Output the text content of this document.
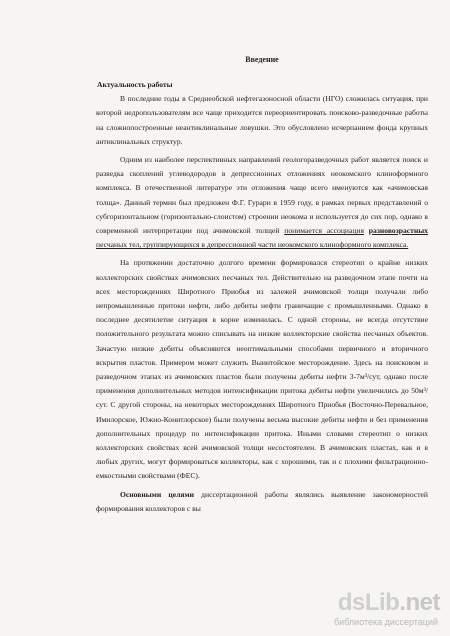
Введение

Актуальность работы

В последние годы в Среднеобской нефтегазоносной области (НГО) сложилась ситуация, при которой недропользователям все чаще приходится переориентировать поисково-разведочные работы на сложнопостроенные неантиклинальные ловушки. Это обусловлено исчерпанием фонда крупных антиклинальных структур.

Одним из наиболее перспективных направлений геологоразведочных работ является поиск и разведка скоплений углеводородов в депрессионных отложениях неокомского клиноформного комплекса. В отечественной литературе эти отложения чаще всего именуются как «ачимовская толща». Данный термин был предложен Ф.Г. Гурари в 1959 году, в рамках первых представлений о субгоризонтальном (горизонтально-слоистом) строении неокома и используется до сих пор, однако в современной интерпретации под ачимовской толщей понимается ассоциация разновозрастных песчаных тел, группирующихся в депрессионной части неокомского клиноформного комплекса.

На протяжении достаточно долгого времени формировался стереотип о крайне низких коллекторских свойствах ачимовских песчаных тел. Действительно на разведочном этапе почти на всех месторождениях Широтного Приобья из залежей ачимовской толщи получали либо непромышленные притоки нефти, либо дебиты нефти граничащие с промышленными. Однако в последнее десятилетие ситуация в корне изменилась. С одной стороны, не всегда отсутствие положительного результата можно списывать на низкие коллекторские свойства песчаных объектов. Зачастую низкие дебиты объясняются неоптимальными способами первичного и вторичного вскрытия пластов. Примером может служить Выинтойское месторождение. Здесь на поисковом и разведочном этапах из ачимовских пластов были получены дебиты нефти 3-7м³/сут, однако после применения дополнительных методов интенсификации притока дебиты нефти увеличились до 50м³/сут. С другой стороны, на некоторых месторождениях Широтного Приобья (Восточно-Перевальное, Имилорское, Южно-Конитлорское) были получены весьма высокие дебиты нефти и без применения дополнительных процедур по интенсификации притока. Иными словами стереотип о низких коллекторских свойствах всей ачимовской толщи несостоятелен. В ачимовских пластах, как и в любых других, могут формироваться коллекторы, как с хорошими, так и с плохими фильтрационно-емкостными свойствами (ФЕС).

Основными целями диссертационной работы являлись выявление закономерностей формирования коллекторов с вы

dsLib.net
библиотека диссертаций
